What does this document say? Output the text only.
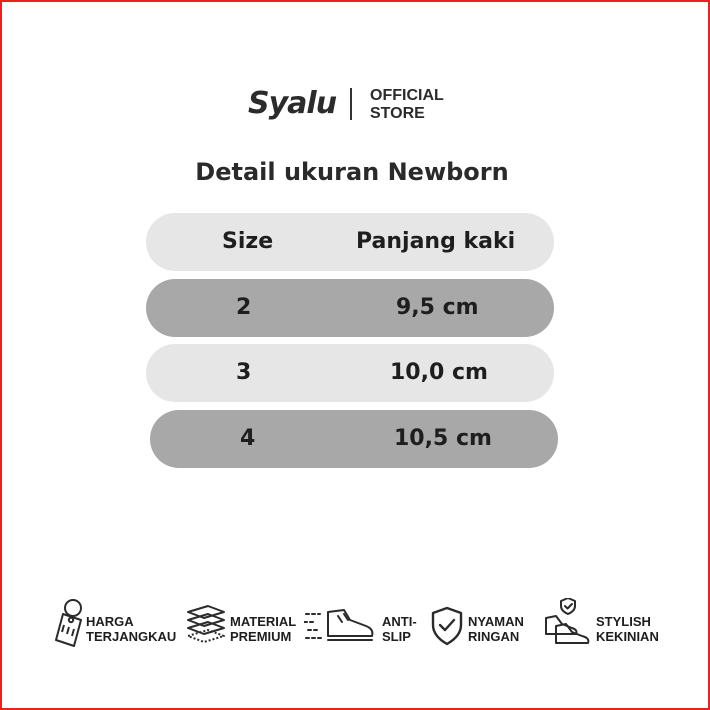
Syalu OFFICIAL
STORE
Detail ukuran Newborn
Size	Panjang kaki
2	9,5 cm
3	10,0 cm
4	10,5 cm
HARGA
TERJANGKAU
MATERIAL
PREMIUM
ANTI-
SLIP
NYAMAN
RINGAN
STYLISH
KEKINIAN
